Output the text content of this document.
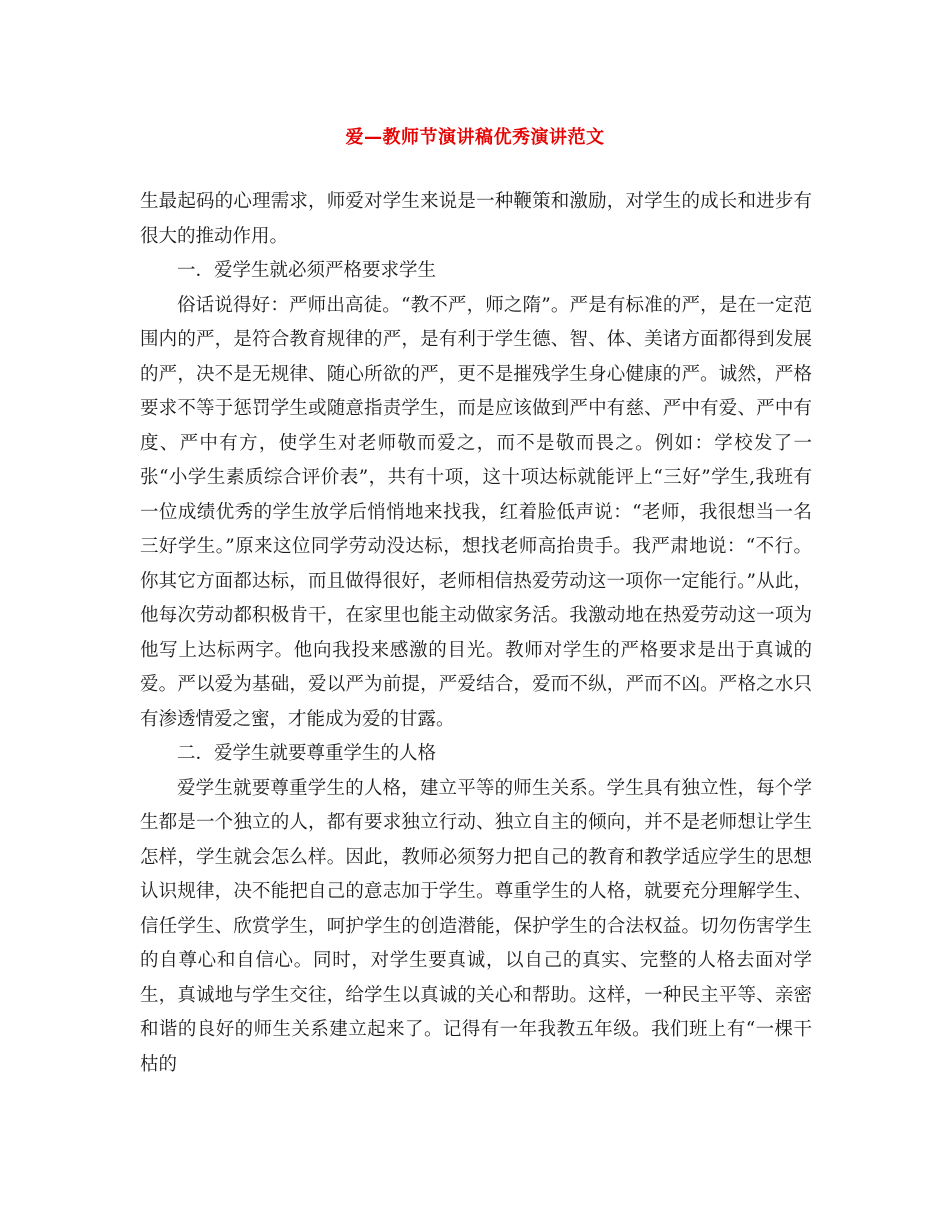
爱—教师节演讲稿优秀演讲范文

生最起码的心理需求，师爱对学生来说是一种鞭策和激励，对学生的成长和进步有很大的推动作用。

一．爱学生就必须严格要求学生

俗话说得好：严师出高徒。“教不严，师之隋”。严是有标准的严，是在一定范围内的严，是符合教育规律的严，是有利于学生德、智、体、美诸方面都得到发展的严，决不是无规律、随心所欲的严，更不是摧残学生身心健康的严。诚然，严格要求不等于惩罚学生或随意指责学生，而是应该做到严中有慈、严中有爱、严中有度、严中有方，使学生对老师敬而爱之，而不是敬而畏之。例如：学校发了一张“小学生素质综合评价表”，共有十项，这十项达标就能评上“三好”学生,我班有一位成绩优秀的学生放学后悄悄地来找我，红着脸低声说：“老师，我很想当一名三好学生。”原来这位同学劳动没达标，想找老师高抬贵手。我严肃地说：“不行。你其它方面都达标，而且做得很好，老师相信热爱劳动这一项你一定能行。”从此，他每次劳动都积极肯干，在家里也能主动做家务活。我激动地在热爱劳动这一项为他写上达标两字。他向我投来感激的目光。教师对学生的严格要求是出于真诚的爱。严以爱为基础，爱以严为前提，严爱结合，爱而不纵，严而不凶。严格之水只有渗透情爱之蜜，才能成为爱的甘露。

二．爱学生就要尊重学生的人格

爱学生就要尊重学生的人格，建立平等的师生关系。学生具有独立性，每个学生都是一个独立的人，都有要求独立行动、独立自主的倾向，并不是老师想让学生怎样，学生就会怎么样。因此，教师必须努力把自己的教育和教学适应学生的思想认识规律，决不能把自己的意志加于学生。尊重学生的人格，就要充分理解学生、信任学生、欣赏学生，呵护学生的创造潜能，保护学生的合法权益。切勿伤害学生的自尊心和自信心。同时，对学生要真诚，以自己的真实、完整的人格去面对学生，真诚地与学生交往，给学生以真诚的关心和帮助。这样，一种民主平等、亲密和谐的良好的师生关系建立起来了。记得有一年我教五年级。我们班上有“一棵干枯的
